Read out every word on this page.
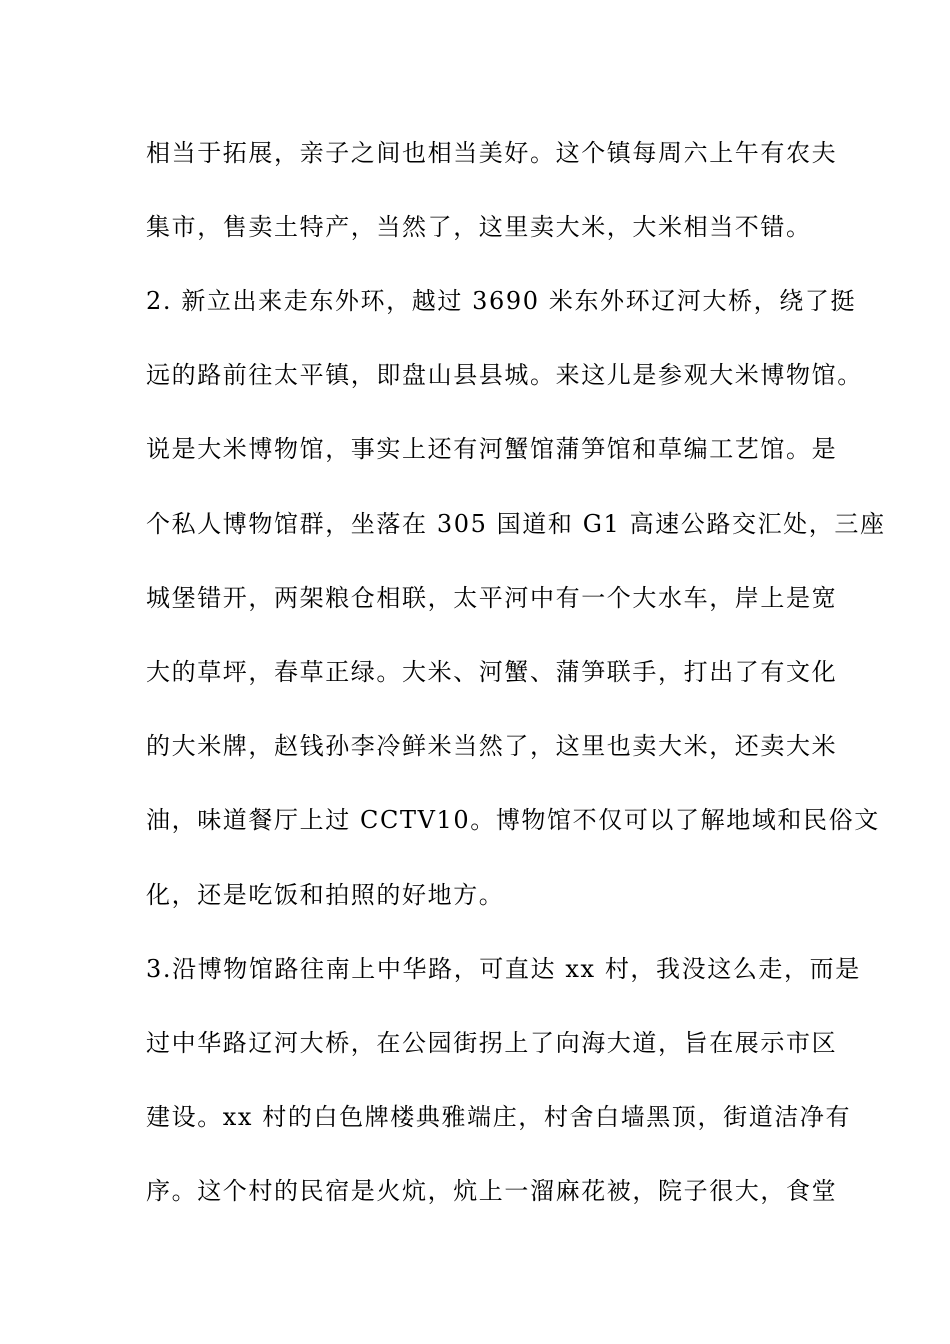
相当于拓展，亲子之间也相当美好。这个镇每周六上午有农夫
集市，售卖土特产，当然了，这里卖大米，大米相当不错。
2. 新立出来走东外环，越过 3690 米东外环辽河大桥，绕了挺
远的路前往太平镇，即盘山县县城。来这儿是参观大米博物馆。
说是大米博物馆，事实上还有河蟹馆蒲笋馆和草编工艺馆。是
个私人博物馆群，坐落在 305 国道和 G1 高速公路交汇处，三座
城堡错开，两架粮仓相联，太平河中有一个大水车，岸上是宽
大的草坪，春草正绿。大米、河蟹、蒲笋联手，打出了有文化
的大米牌，赵钱孙李冷鲜米当然了，这里也卖大米，还卖大米
油，味道餐厅上过 CCTV10。博物馆不仅可以了解地域和民俗文
化，还是吃饭和拍照的好地方。
3.沿博物馆路往南上中华路，可直达 xx 村，我没这么走，而是
过中华路辽河大桥，在公园街拐上了向海大道，旨在展示市区
建设。xx 村的白色牌楼典雅端庄，村舍白墙黑顶，街道洁净有
序。这个村的民宿是火炕，炕上一溜麻花被，院子很大，食堂
